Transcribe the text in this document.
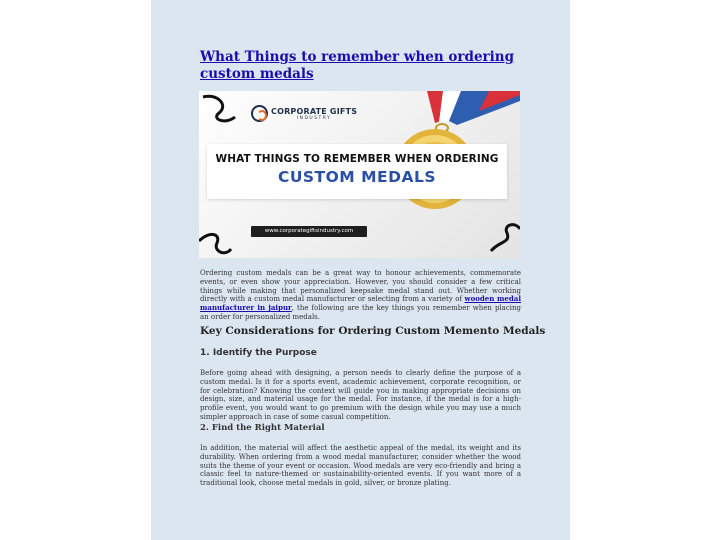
What Things to remember when ordering custom medals
CORPORATE GIFTS
INDUSTRY
WHAT THINGS TO REMEMBER WHEN ORDERING
CUSTOM MEDALS
www.corporategiftsindustry.com

Ordering custom medals can be a great way to honour achievements, commemorate events, or even show your appreciation. However, you should consider a few critical things while making that personalized keepsake medal stand out. Whether working directly with a custom medal manufacturer or selecting from a variety of wooden medal manufacturer in jaipur, the following are the key things you remember when placing an order for personalized medals.

Key Considerations for Ordering Custom Memento Medals
1. Identify the Purpose

Before going ahead with designing, a person needs to clearly define the purpose of a custom medal. Is it for a sports event, academic achievement, corporate recognition, or for celebration? Knowing the context will guide you in making appropriate decisions on design, size, and material usage for the medal. For instance, if the medal is for a high-profile event, you would want to go premium with the design while you may use a much simpler approach in case of some casual competition.

2. Find the Right Material

In addition, the material will affect the aesthetic appeal of the medal, its weight and its durability. When ordering from a wood medal manufacturer, consider whether the wood suits the theme of your event or occasion. Wood medals are very eco-friendly and bring a classic feel to nature-themed or sustainability-oriented events. If you want more of a traditional look, choose metal medals in gold, silver, or bronze plating.
